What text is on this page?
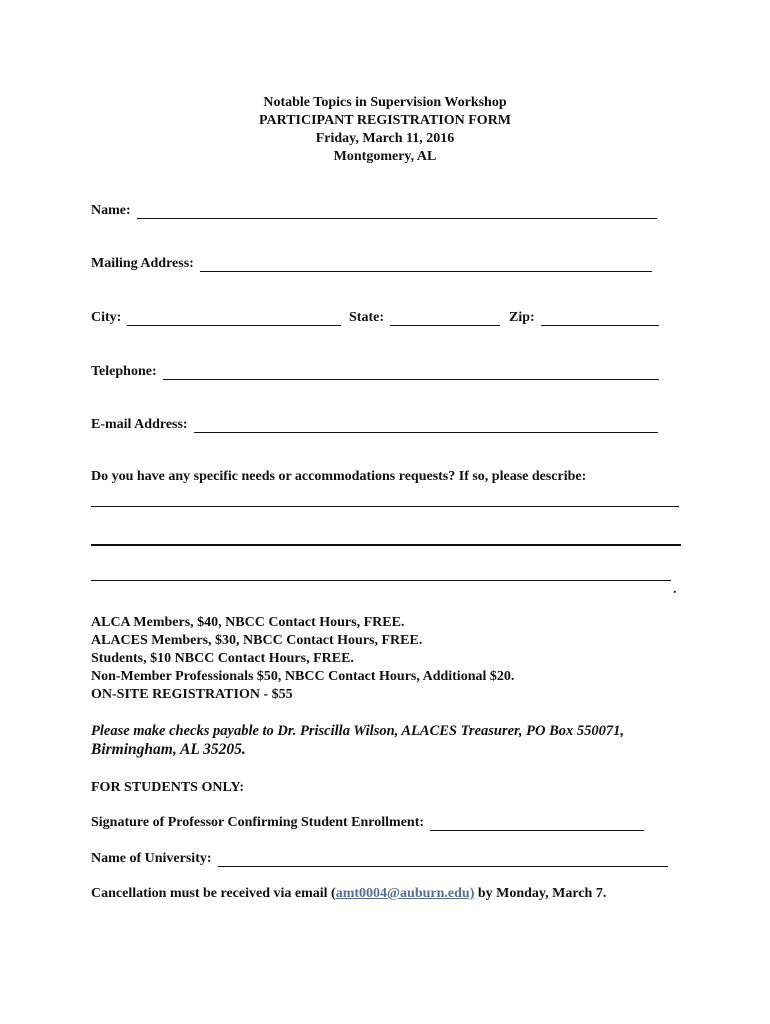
Notable Topics in Supervision Workshop
PARTICIPANT REGISTRATION FORM
Friday, March 11, 2016
Montgomery, AL
Name:
Mailing Address:
City:	State:	Zip:
Telephone:
E-mail Address:
Do you have any specific needs or accommodations requests? If so, please describe:
.
ALCA Members, $40, NBCC Contact Hours, FREE.
ALACES Members, $30, NBCC Contact Hours, FREE.
Students, $10 NBCC Contact Hours, FREE.
Non-Member Professionals $50, NBCC Contact Hours, Additional $20.
ON-SITE REGISTRATION - $55
Please make checks payable to Dr. Priscilla Wilson, ALACES Treasurer, PO Box 550071,
Birmingham, AL 35205.
FOR STUDENTS ONLY:
Signature of Professor Confirming Student Enrollment:
Name of University:
Cancellation must be received via email (amt0004@auburn.edu) by Monday, March 7.
